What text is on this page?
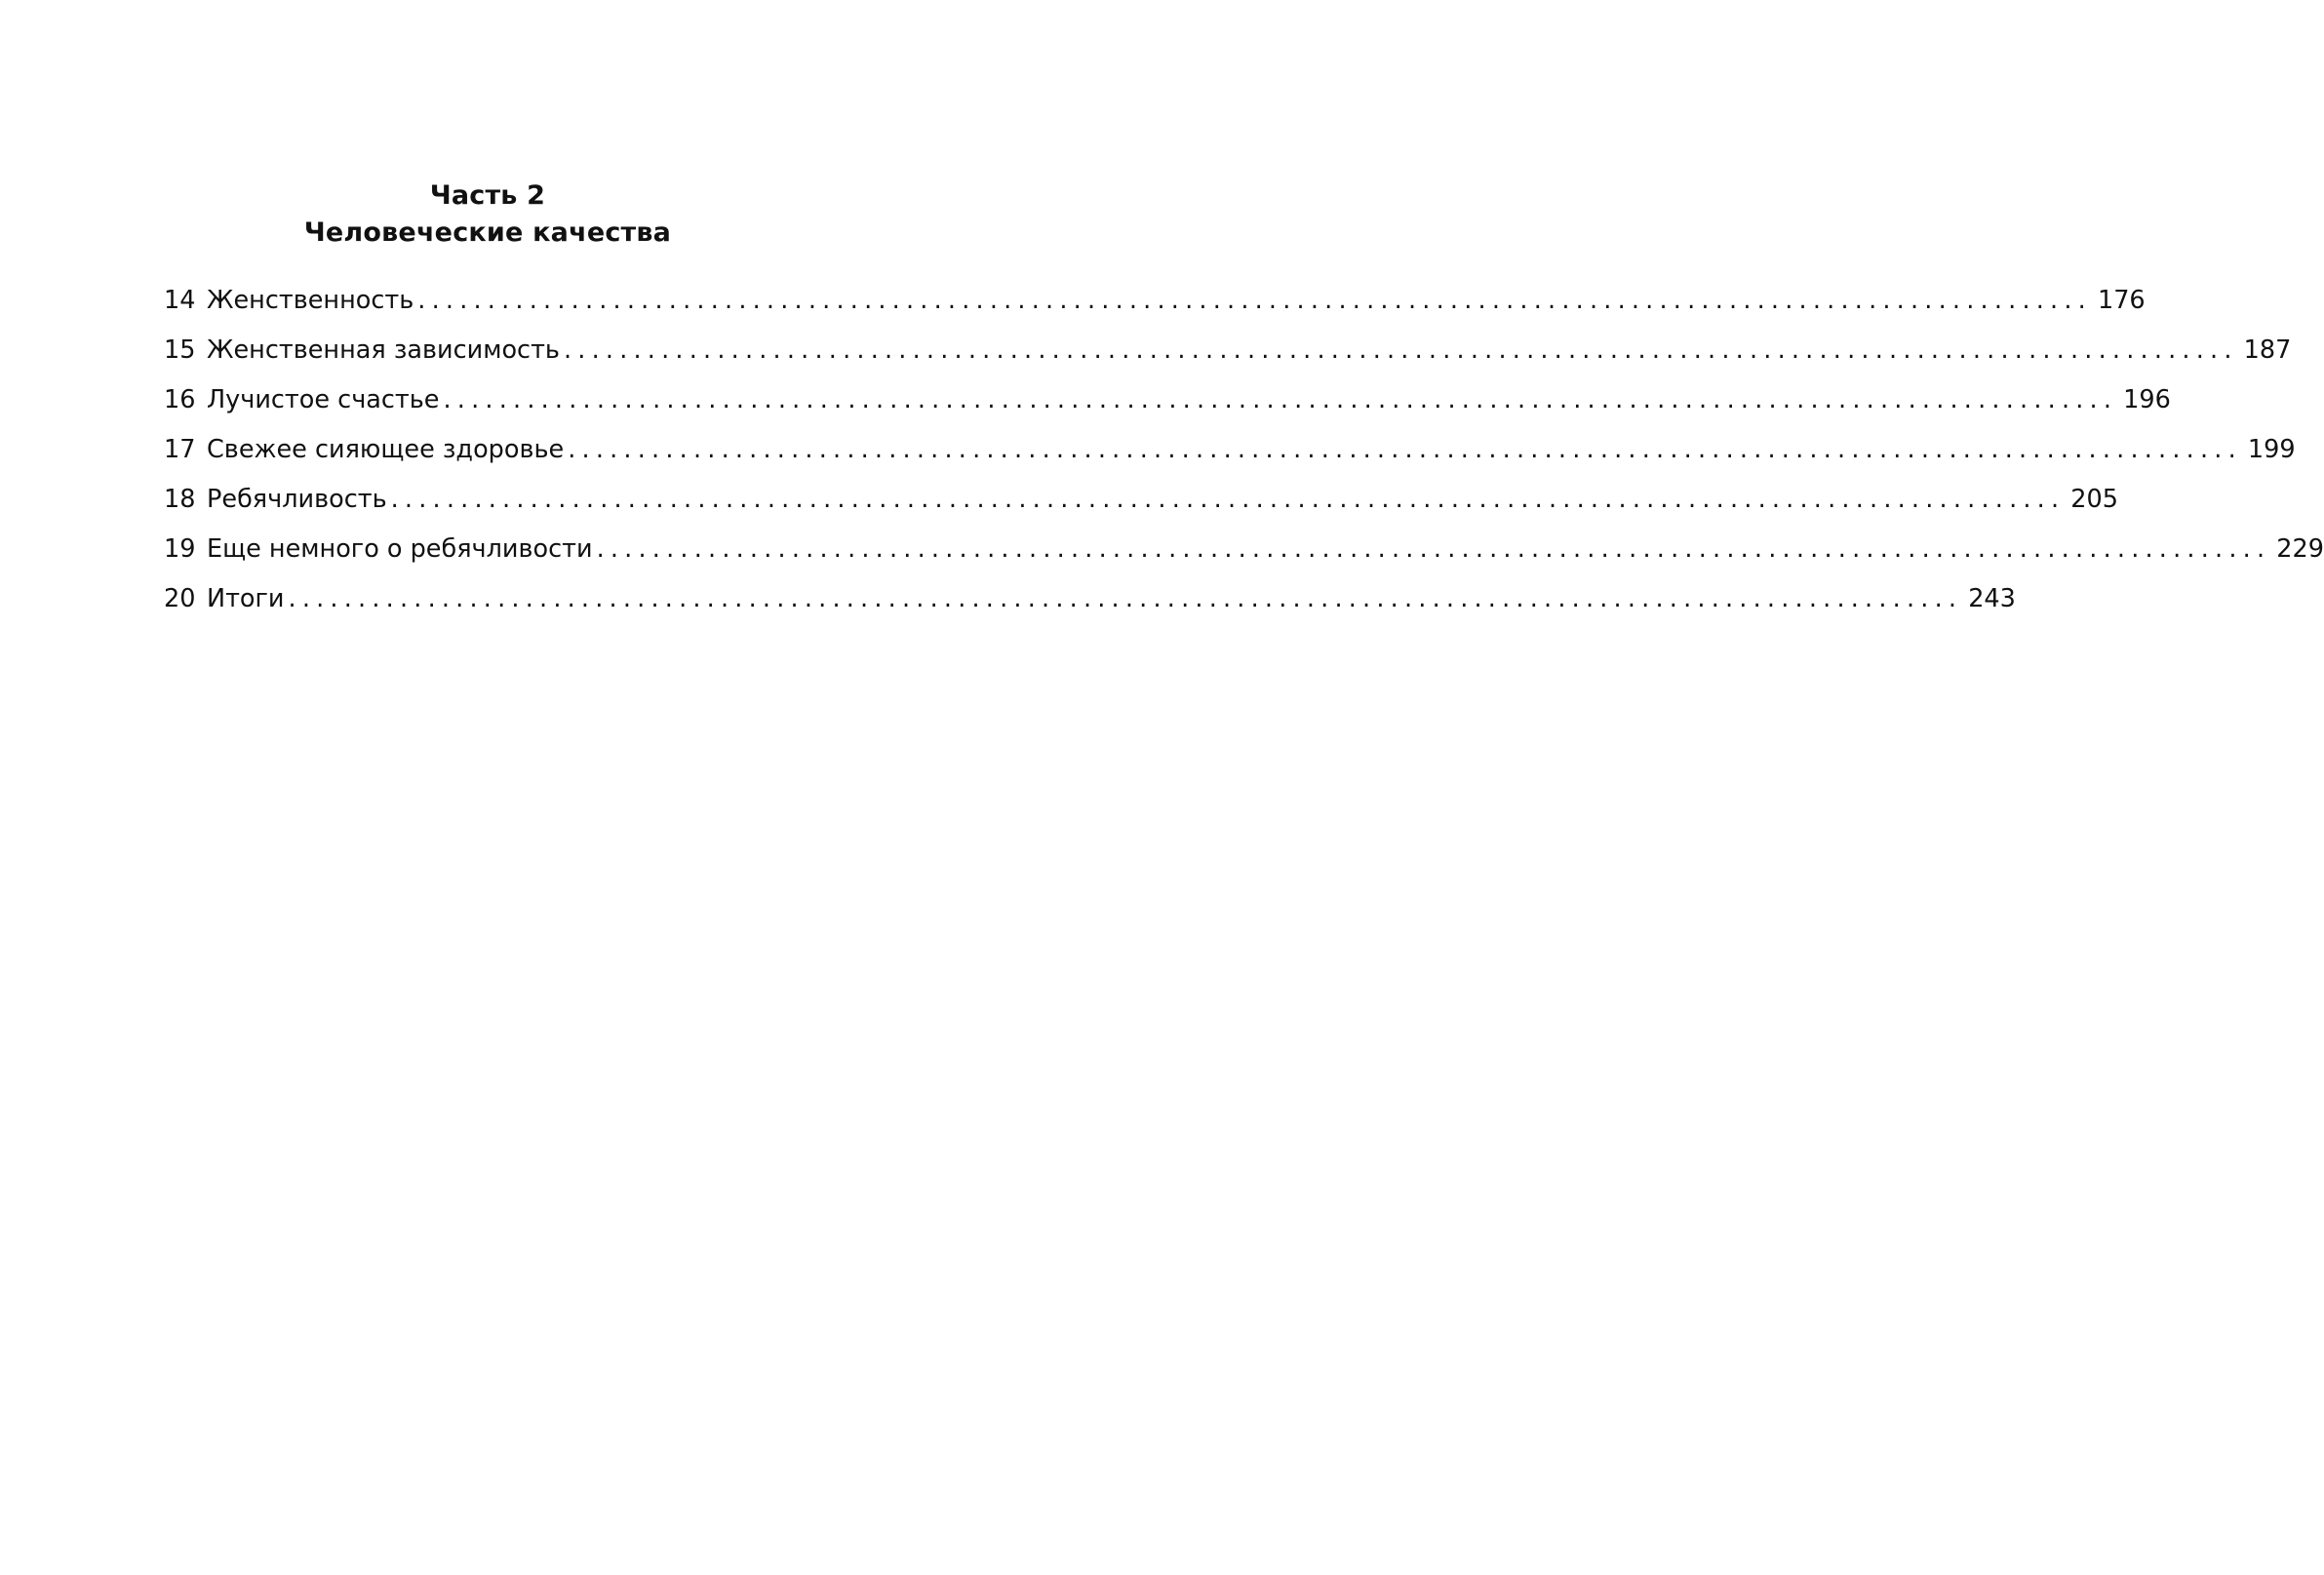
Часть 2
Человеческие качества
14 Женственность ........................................................................................................................ 176
15 Женственная зависимость ........................................................................................................................ 187
16 Лучистое счастье ........................................................................................................................ 196
17 Свежее сияющее здоровье ........................................................................................................................ 199
18 Ребячливость ........................................................................................................................ 205
19 Еще немного о ребячливости ........................................................................................................................ 229
20 Итоги ........................................................................................................................ 243
